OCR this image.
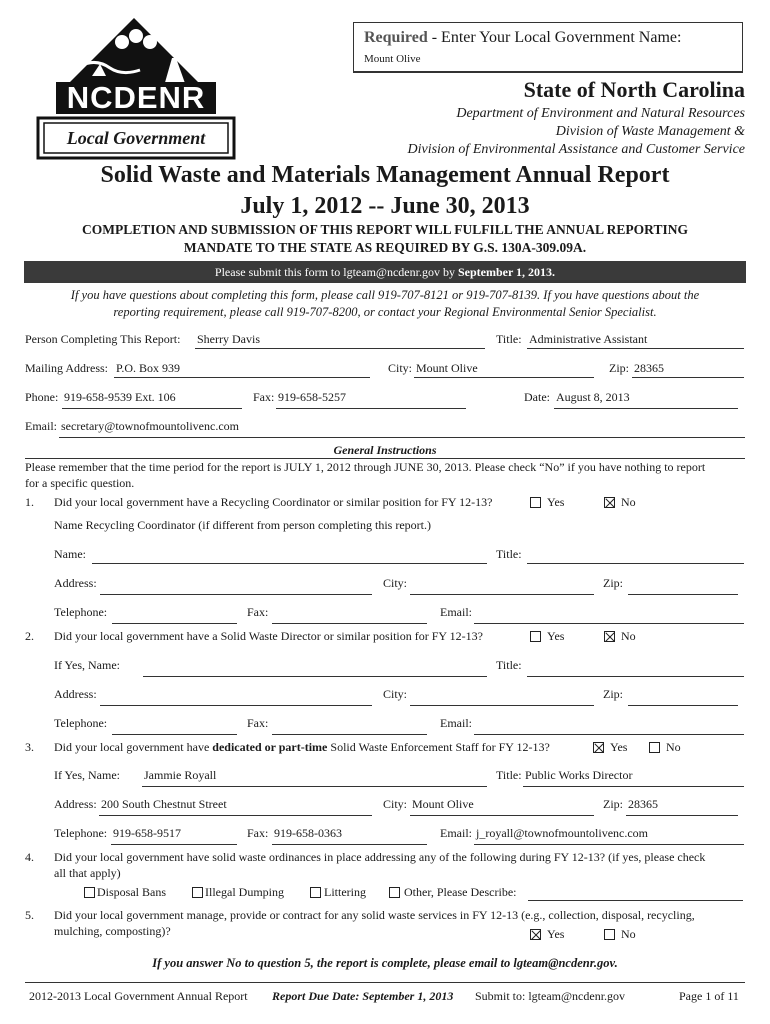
NCDENR
Local Government
Required - Enter Your Local Government Name:
Mount Olive
State of North Carolina
Department of Environment and Natural Resources
Division of Waste Management &
Division of Environmental Assistance and Customer Service
Solid Waste and Materials Management Annual Report
July 1, 2012 -- June 30, 2013
COMPLETION AND SUBMISSION OF THIS REPORT WILL FULFILL THE ANNUAL REPORTING
MANDATE TO THE STATE AS REQUIRED BY G.S. 130A-309.09A.
Please submit this form to lgteam@ncdenr.gov by September 1, 2013.
If you have questions about completing this form, please call 919-707-8121 or 919-707-8139. If you have questions about the
reporting requirement, please call 919-707-8200, or contact your Regional Environmental Senior Specialist.
Person Completing This Report: Sherry Davis	Title: Administrative Assistant
Mailing Address: P.O. Box 939	City: Mount Olive	Zip: 28365
Phone: 919-658-9539 Ext. 106	Fax: 919-658-5257	Date: August 8, 2013
Email: secretary@townofmountolivenc.com
General Instructions
Please remember that the time period for the report is JULY 1, 2012 through JUNE 30, 2013. Please check “No” if you have nothing to report
for a specific question.
1. Did your local government have a Recycling Coordinator or similar position for FY 12-13?	Yes	No
Name Recycling Coordinator (if different from person completing this report.)
Name:	Title:
Address:	City:	Zip:
Telephone:	Fax:	Email:
2. Did your local government have a Solid Waste Director or similar position for FY 12-13?	Yes	No
If Yes, Name:	Title:
Address:	City:	Zip:
Telephone:	Fax:	Email:
3. Did your local government have dedicated or part-time Solid Waste Enforcement Staff for FY 12-13?	Yes	No
If Yes, Name: Jammie Royall	Title: Public Works Director
Address: 200 South Chestnut Street	City: Mount Olive	Zip: 28365
Telephone: 919-658-9517	Fax: 919-658-0363	Email: j_royall@townofmountolivenc.com
4. Did your local government have solid waste ordinances in place addressing any of the following during FY 12-13? (if yes, please check
all that apply)
Disposal Bans	Illegal Dumping	Littering	Other, Please Describe:
5. Did your local government manage, provide or contract for any solid waste services in FY 12-13 (e.g., collection, disposal, recycling,
mulching, composting)?	Yes	No
If you answer No to question 5, the report is complete, please email to lgteam@ncdenr.gov.
2012-2013 Local Government Annual Report Report Due Date: September 1, 2013 Submit to: lgteam@ncdenr.gov	Page 1 of 11
